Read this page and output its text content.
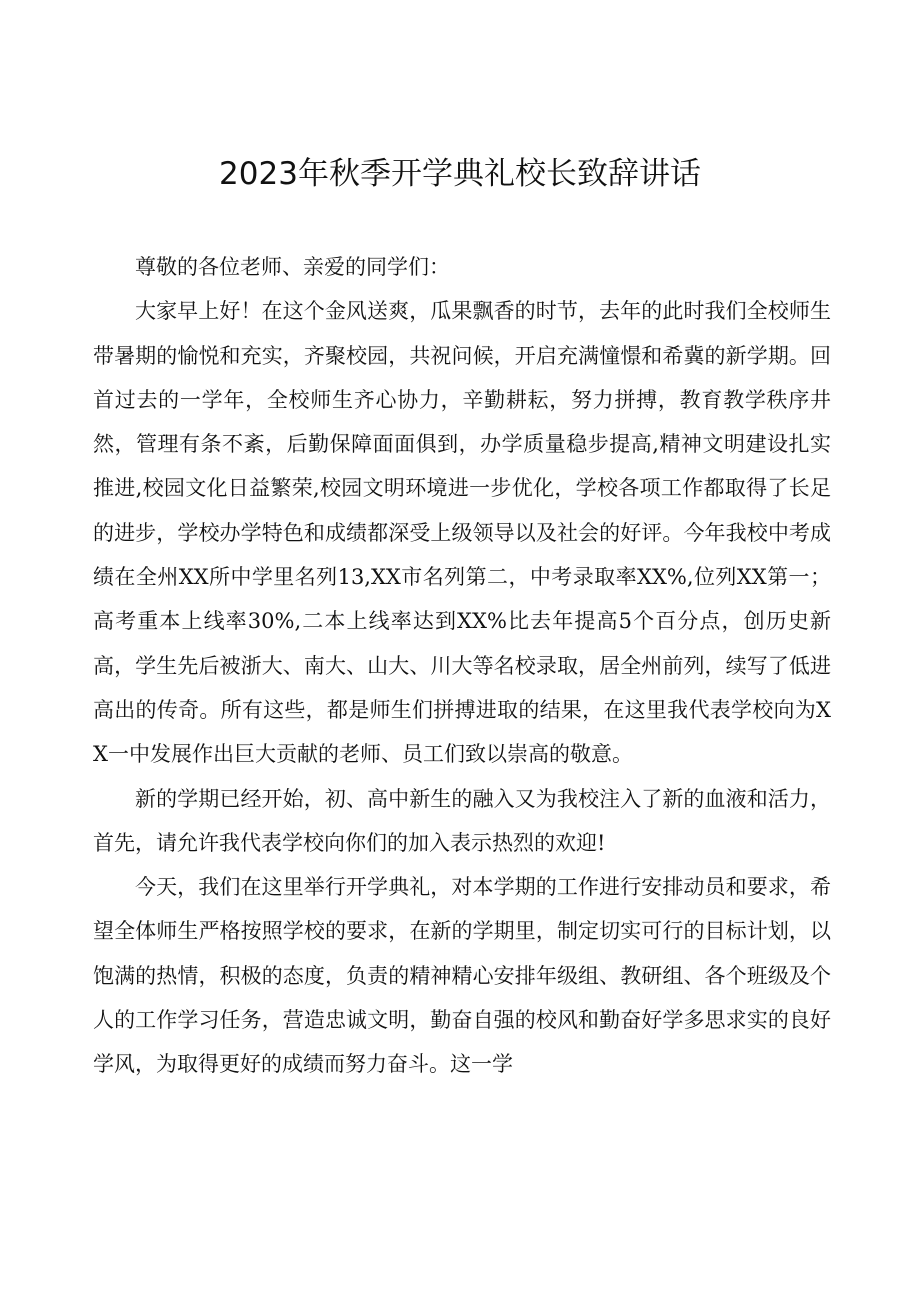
2023年秋季开学典礼校长致辞讲话

尊敬的各位老师、亲爱的同学们：

大家早上好！在这个金风送爽，瓜果飘香的时节，去年的此时我们全校师生带暑期的愉悦和充实，齐聚校园，共祝问候，开启充满憧憬和希冀的新学期。回首过去的一学年，全校师生齐心协力，辛勤耕耘，努力拼搏，教育教学秩序井然，管理有条不紊，后勤保障面面俱到，办学质量稳步提高,精神文明建设扎实推进,校园文化日益繁荣,校园文明环境进一步优化，学校各项工作都取得了长足的进步，学校办学特色和成绩都深受上级领导以及社会的好评。今年我校中考成绩在全州XX所中学里名列13,XX市名列第二，中考录取率XX%,位列XX第一；高考重本上线率30%,二本上线率达到XX%比去年提高5个百分点，创历史新高，学生先后被浙大、南大、山大、川大等名校录取，居全州前列，续写了低进高出的传奇。所有这些，都是师生们拼搏进取的结果，在这里我代表学校向为XX一中发展作出巨大贡献的老师、员工们致以崇高的敬意。

新的学期已经开始，初、高中新生的融入又为我校注入了新的血液和活力，首先，请允许我代表学校向你们的加入表示热烈的欢迎!

今天，我们在这里举行开学典礼，对本学期的工作进行安排动员和要求，希望全体师生严格按照学校的要求，在新的学期里，制定切实可行的目标计划，以饱满的热情，积极的态度，负责的精神精心安排年级组、教研组、各个班级及个人的工作学习任务，营造忠诚文明，勤奋自强的校风和勤奋好学多思求实的良好学风，为取得更好的成绩而努力奋斗。这一学
